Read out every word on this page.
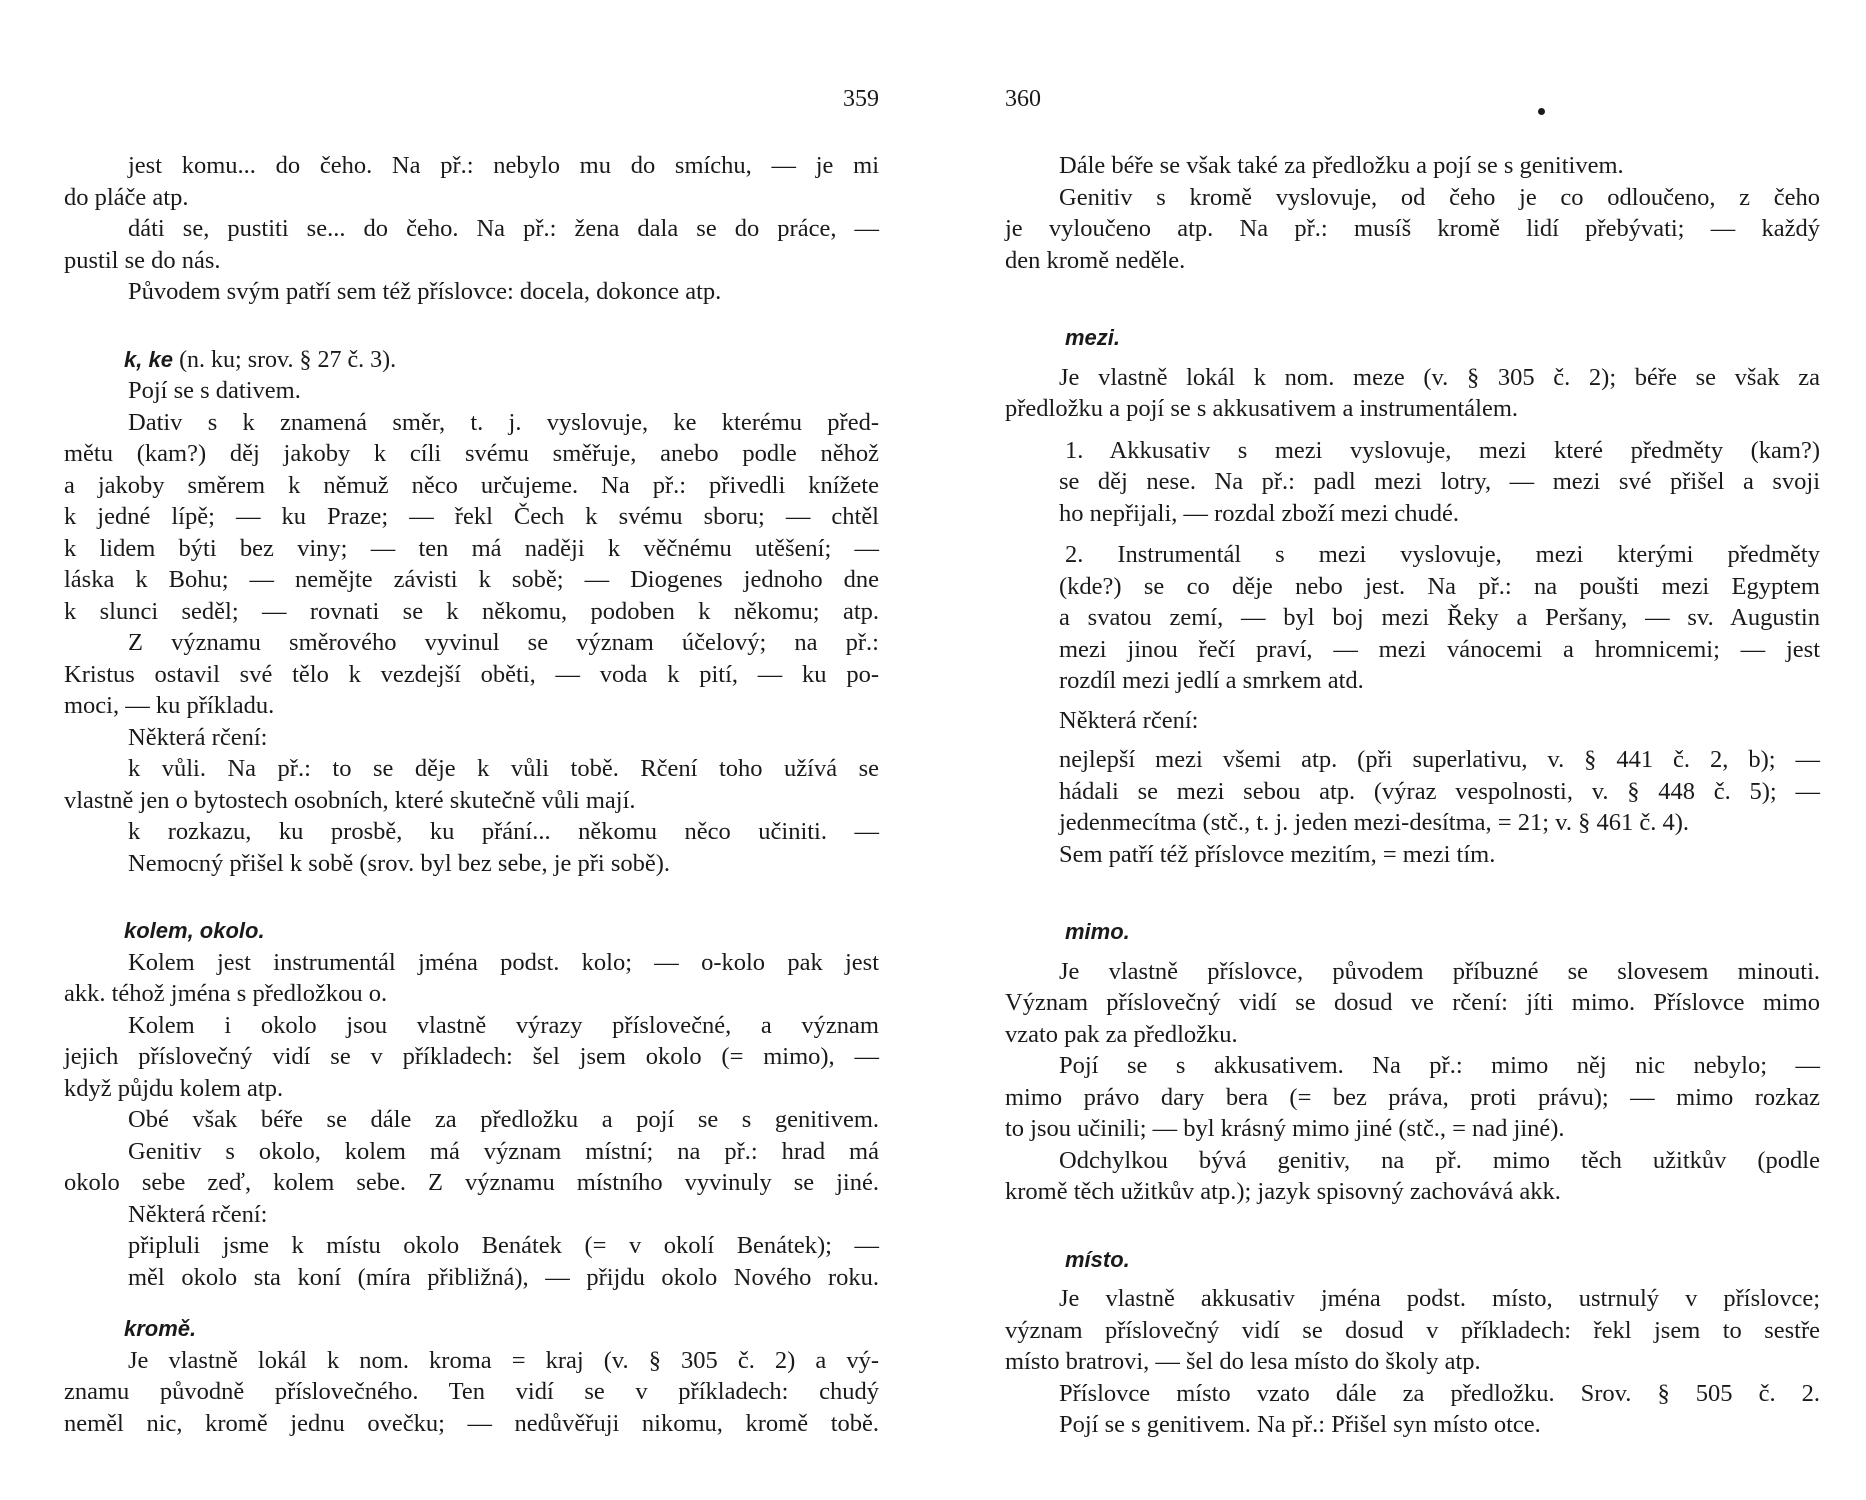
359
jest komu... do čeho. Na př.: nebylo mu do smíchu, — je mi
do pláče atp.
dáti se, pustiti se... do čeho. Na př.: žena dala se do práce, —
pustil se do nás.
Původem svým patří sem též příslovce: docela, dokonce atp.
k, ke (n. ku; srov. § 27 č. 3).
Pojí se s dativem.
Dativ s k znamená směr, t. j. vyslovuje, ke kterému před-
mětu (kam?) děj jakoby k cíli svému směřuje, anebo podle něhož
a jakoby směrem k němuž něco určujeme. Na př.: přivedli knížete
k jedné lípě; — ku Praze; — řekl Čech k svému sboru; — chtěl
k lidem býti bez viny; — ten má naději k věčnému utěšení; —
láska k Bohu; — nemějte závisti k sobě; — Diogenes jednoho dne
k slunci seděl; — rovnati se k někomu, podoben k někomu; atp.
Z významu směrového vyvinul se význam účelový; na př.:
Kristus ostavil své tělo k vezdejší oběti, — voda k pití, — ku po-
moci, — ku příkladu.
Některá rčení:
k vůli. Na př.: to se děje k vůli tobě. Rčení toho užívá se
vlastně jen o bytostech osobních, které skutečně vůli mají.
k rozkazu, ku prosbě, ku přání... někomu něco učiniti. —
Nemocný přišel k sobě (srov. byl bez sebe, je při sobě).
kolem, okolo.
Kolem jest instrumentál jména podst. kolo; — o-kolo pak jest
akk. téhož jména s předložkou o.
Kolem i okolo jsou vlastně výrazy příslovečné, a význam
jejich příslovečný vidí se v příkladech: šel jsem okolo (= mimo), —
když půjdu kolem atp.
Obé však béře se dále za předložku a pojí se s genitivem.
Genitiv s okolo, kolem má význam místní; na př.: hrad má
okolo sebe zeď, kolem sebe. Z významu místního vyvinuly se jiné.
Některá rčení:
připluli jsme k místu okolo Benátek (= v okolí Benátek); —
měl okolo sta koní (míra přibližná), — přijdu okolo Nového roku.
kromě.
Je vlastně lokál k nom. kroma = kraj (v. § 305 č. 2) a vý-
znamu původně příslovečného. Ten vidí se v příkladech: chudý
neměl nic, kromě jednu ovečku; — nedůvěřuji nikomu, kromě tobě.
360
Dále béře se však také za předložku a pojí se s genitivem.
Genitiv s kromě vyslovuje, od čeho je co odloučeno, z čeho
je vyloučeno atp. Na př.: musíš kromě lidí přebývati; — každý
den kromě neděle.
mezi.
Je vlastně lokál k nom. meze (v. § 305 č. 2); béře se však za
předložku a pojí se s akkusativem a instrumentálem.
1. Akkusativ s mezi vyslovuje, mezi které předměty (kam?)
se děj nese. Na př.: padl mezi lotry, — mezi své přišel a svoji
ho nepřijali, — rozdal zboží mezi chudé.
2. Instrumentál s mezi vyslovuje, mezi kterými předměty
(kde?) se co děje nebo jest. Na př.: na poušti mezi Egyptem
a svatou zemí, — byl boj mezi Řeky a Peršany, — sv. Augustin
mezi jinou řečí praví, — mezi vánocemi a hromnicemi; — jest
rozdíl mezi jedlí a smrkem atd.
Některá rčení:
nejlepší mezi všemi atp. (při superlativu, v. § 441 č. 2, b); —
hádali se mezi sebou atp. (výraz vespolnosti, v. § 448 č. 5); —
jedenmecítma (stč., t. j. jeden mezi-desítma, = 21; v. § 461 č. 4).
Sem patří též příslovce mezitím, = mezi tím.
mimo.
Je vlastně příslovce, původem příbuzné se slovesem minouti.
Význam příslovečný vidí se dosud ve rčení: jíti mimo. Příslovce mimo
vzato pak za předložku.
Pojí se s akkusativem. Na př.: mimo něj nic nebylo; —
mimo právo dary bera (= bez práva, proti právu); — mimo rozkaz
to jsou učinili; — byl krásný mimo jiné (stč., = nad jiné).
Odchylkou bývá genitiv, na př. mimo těch užitkův (podle
kromě těch užitkův atp.); jazyk spisovný zachovává akk.
místo.
Je vlastně akkusativ jména podst. místo, ustrnulý v příslovce;
význam příslovečný vidí se dosud v příkladech: řekl jsem to sestře
místo bratrovi, — šel do lesa místo do školy atp.
Příslovce místo vzato dále za předložku. Srov. § 505 č. 2.
Pojí se s genitivem. Na př.: Přišel syn místo otce.
